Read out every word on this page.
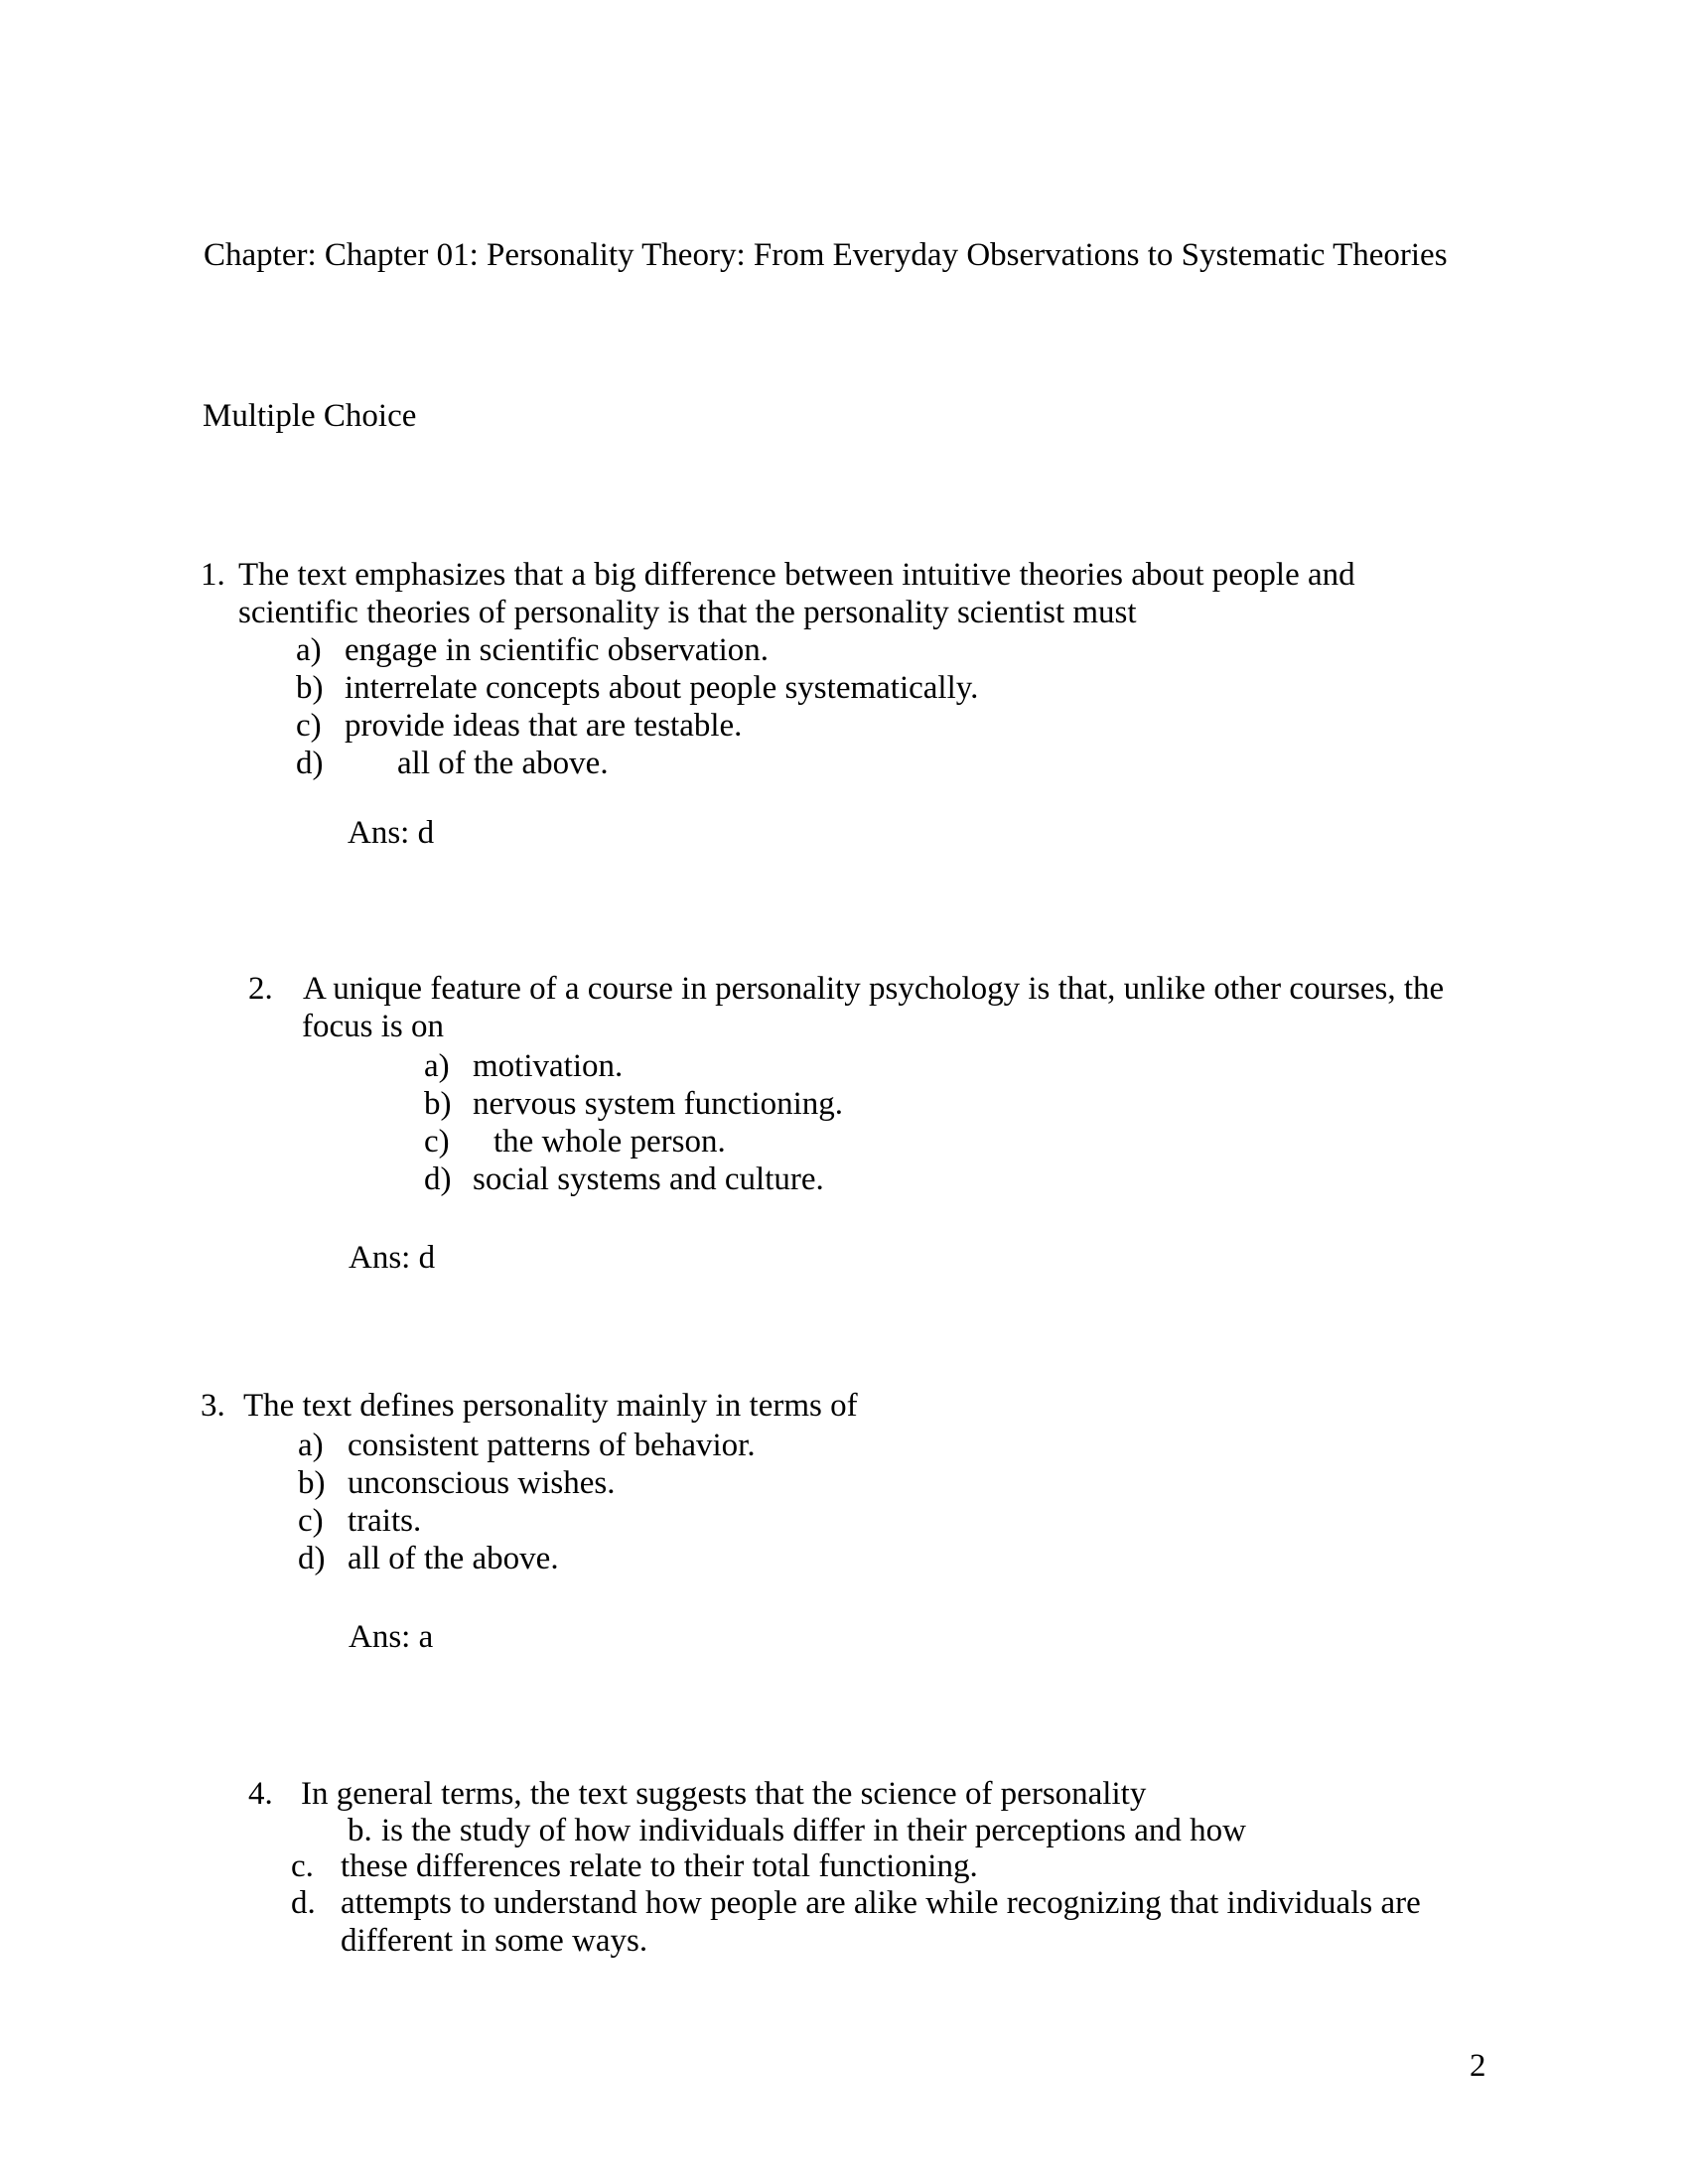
Chapter: Chapter 01: Personality Theory: From Everyday Observations to Systematic Theories
Multiple Choice
1. The text emphasizes that a big difference between intuitive theories about people and
scientific theories of personality is that the personality scientist must
a) engage in scientific observation.
b) interrelate concepts about people systematically.
c) provide ideas that are testable.
d) all of the above.
Ans: d
2. A unique feature of a course in personality psychology is that, unlike other courses, the
focus is on
a) motivation.
b) nervous system functioning.
c) the whole person.
d) social systems and culture.
Ans: d
3. The text defines personality mainly in terms of
a) consistent patterns of behavior.
b) unconscious wishes.
c) traits.
d) all of the above.
Ans: a
4. In general terms, the text suggests that the science of personality
b. is the study of how individuals differ in their perceptions and how
c. these differences relate to their total functioning.
d. attempts to understand how people are alike while recognizing that individuals are
different in some ways.
2
